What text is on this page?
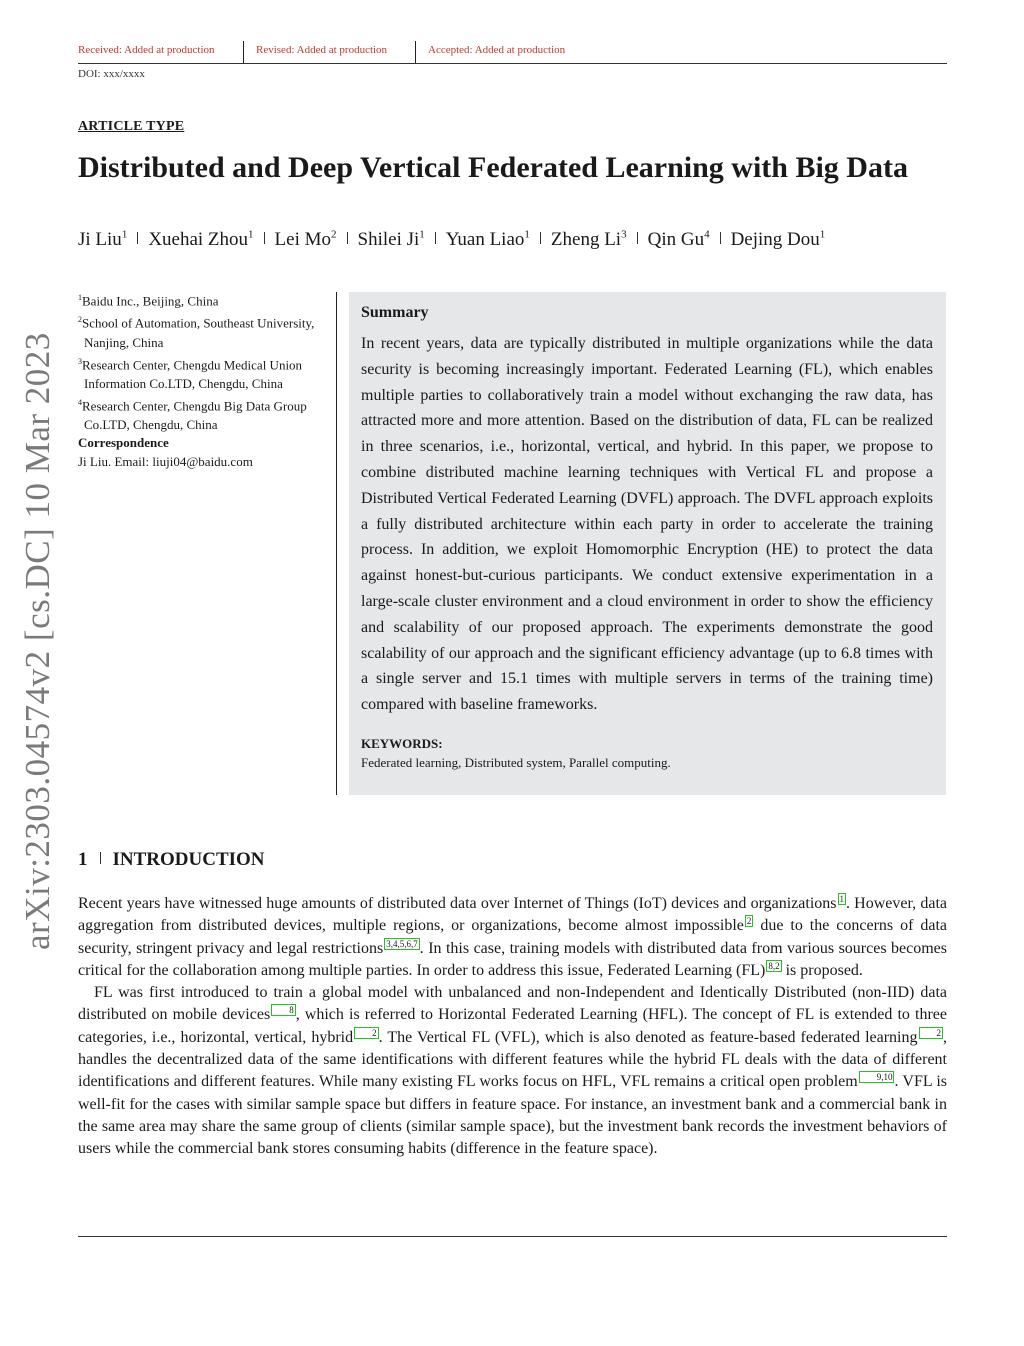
Received: Added at production	Revised: Added at production	Accepted: Added at production
DOI: xxx/xxxx
ARTICLE TYPE
Distributed and Deep Vertical Federated Learning with Big Data
Ji Liu$^1$ Xuehai Zhou$^1$ Lei Mo$^2$ Shilei Ji$^1$ Yuan Liao$^1$ Zheng Li$^3$ Qin Gu$^4$ Dejing Dou$^1$
arXiv:2303.04574v2 [cs.DC] 10 Mar 2023
$^1$Baidu Inc., Beijing, China
$^2$School of Automation, Southeast University, Nanjing, China
$^3$Research Center, Chengdu Medical Union Information Co.LTD, Chengdu, China
$^4$Research Center, Chengdu Big Data Group Co.LTD, Chengdu, China
Correspondence
Ji Liu. Email: liuji04@baidu.com
Summary
In recent years, data are typically distributed in multiple organizations while the data security is becoming increasingly important. Federated Learning (FL), which enables multiple parties to collaboratively train a model without exchanging the raw data, has attracted more and more attention. Based on the distribution of data, FL can be realized in three scenarios, i.e., horizontal, vertical, and hybrid. In this paper, we propose to combine distributed machine learning techniques with Vertical FL and propose a Distributed Vertical Federated Learning (DVFL) approach. The DVFL approach exploits a fully distributed architecture within each party in order to accelerate the training process. In addition, we exploit Homomorphic Encryption (HE) to protect the data against honest-but-curious participants. We conduct extensive experimentation in a large-scale cluster environment and a cloud environment in order to show the efficiency and scalability of our proposed approach. The experiments demonstrate the good scalability of our approach and the significant efficiency advantage (up to 6.8 times with a single server and 15.1 times with multiple servers in terms of the training time) compared with baseline frameworks.
KEYWORDS:
Federated learning, Distributed system, Parallel computing.
1 INTRODUCTION

Recent years have witnessed huge amounts of distributed data over Internet of Things (IoT) devices and organizations 1 . However, data aggregation from distributed devices, multiple regions, or organizations, become almost impossible 2 due to the concerns of data security, stringent privacy and legal restrictions 3,4,5,6,7 . In this case, training models with distributed data from various sources becomes critical for the collaboration among multiple parties. In order to address this issue, Federated Learning (FL) 8,2 is proposed.

FL was first introduced to train a global model with unbalanced and non-Independent and Identically Distributed (non-IID) data distributed on mobile devices 8 , which is referred to Horizontal Federated Learning (HFL). The concept of FL is extended to three categories, i.e., horizontal, vertical, hybrid 2 . The Vertical FL (VFL), which is also denoted as feature-based federated learning 2 , handles the decentralized data of the same identifications with different features while the hybrid FL deals with the data of different identifications and different features. While many existing FL works focus on HFL, VFL remains a critical open problem 9,10 . VFL is well-fit for the cases with similar sample space but differs in feature space. For instance, an investment bank and a commercial bank in the same area may share the same group of clients (similar sample space), but the investment bank records the investment behaviors of users while the commercial bank stores consuming habits (difference in the feature space).
